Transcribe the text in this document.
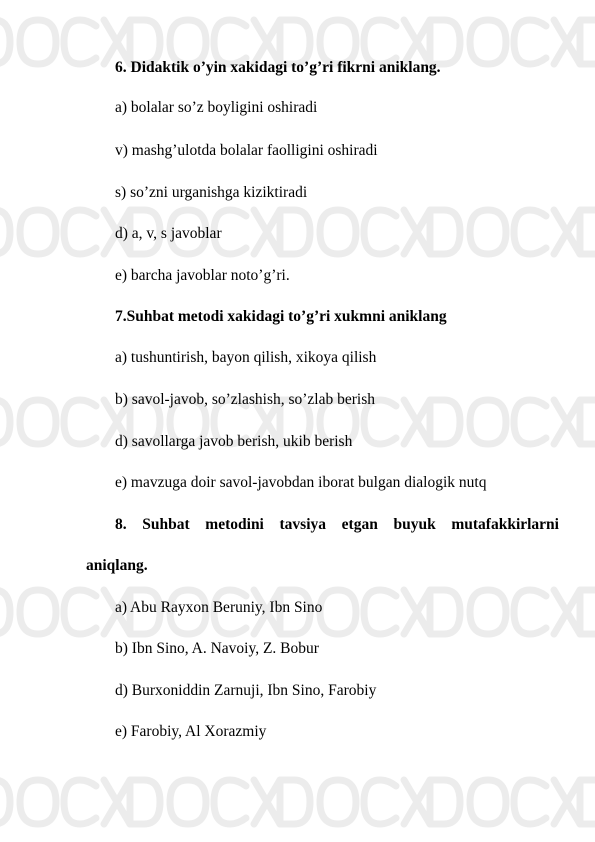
6. Didaktik o’yin xakidagi to’g’ri fikrni aniklang.
a) bolalar so’z boyligini oshiradi
v) mashg’ulotda bolalar faolligini oshiradi
s) so’zni urganishga kiziktiradi
d) a, v, s javoblar
e) barcha javoblar noto’g’ri.
7.Suhbat metodi xakidagi to’g’ri xukmni aniklang
a) tushuntirish, bayon qilish, xikoya qilish
b) savol-javob, so’zlashish, so’zlab berish
d) savollarga javob berish, ukib berish
e) mavzuga doir savol-javobdan iborat bulgan dialogik nutq
8. Suhbat metodini tavsiya etgan buyuk mutafakkirlarni
aniqlang.
a) Abu Rayxon Beruniy, Ibn Sino
b) Ibn Sino, A. Navoiy, Z. Bobur
d) Burxoniddin Zarnuji, Ibn Sino, Farobiy
e) Farobiy, Al Xorazmiy
